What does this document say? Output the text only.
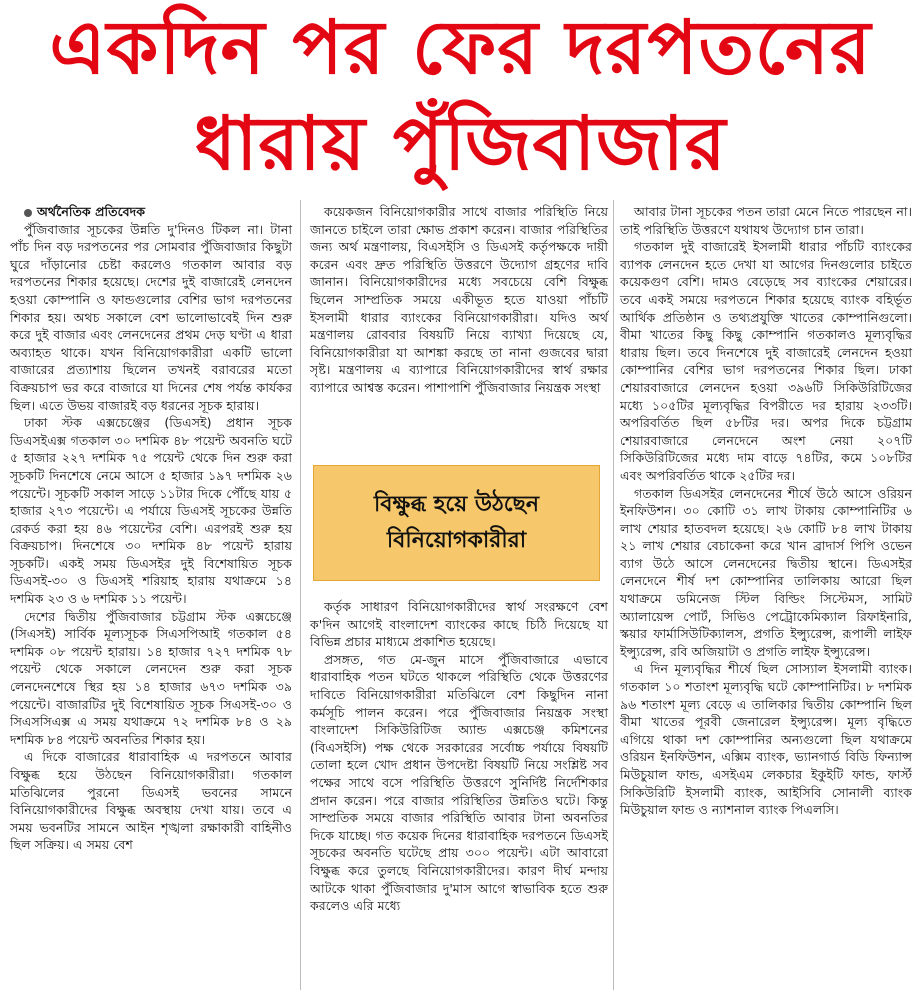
একদিন পর ফের দরপতনের
ধারায় পুঁজিবাজার

অর্থনৈতিক প্রতিবেদক

পুঁজিবাজার সূচকের উন্নতি দু'দিনও টিকল না। টানা পাঁচ দিন বড় দরপতনের পর সোমবার পুঁজিবাজার কিছুটা ঘুরে দাঁড়ানোর চেষ্টা করলেও গতকাল আবার বড় দরপতনের শিকার হয়েছে। দেশের দুই বাজারেই লেনদেন হওয়া কোম্পানি ও ফান্ডগুলোর বেশির ভাগ দরপতনের শিকার হয়। অথচ সকালে বেশ ভালোভাবেই দিন শুরু করে দুই বাজার এবং লেনদেনের প্রথম দেড় ঘণ্টা এ ধারা অব্যাহত থাকে। যখন বিনিয়োগকারীরা একটি ভালো বাজারের প্রত্যাশায় ছিলেন তখনই বরাবরের মতো বিক্রয়চাপ ভর করে বাজারে যা দিনের শেষ পর্যন্ত কার্যকর ছিল। এতে উভয় বাজারই বড় ধরনের সূচক হারায়।

ঢাকা স্টক এক্সচেঞ্জের (ডিএসই) প্রধান সূচক ডিএসইএক্স গতকাল ৩০ দশমিক ৪৮ পয়েন্ট অবনতি ঘটে ৫ হাজার ২২৭ দশমিক ৭৫ পয়েন্ট থেকে দিন শুরু করা সূচকটি দিনশেষে নেমে আসে ৫ হাজার ১৯৭ দশমিক ২৬ পয়েন্টে। সূচকটি সকাল সাড়ে ১১টার দিকে পৌঁছে যায় ৫ হাজার ২৭৩ পয়েন্টে। এ পর্যায়ে ডিএসই সূচকের উন্নতি রেকর্ড করা হয় ৪৬ পয়েন্টের বেশি। এরপরই শুরু হয় বিক্রয়চাপ। দিনশেষে ৩০ দশমিক ৪৮ পয়েন্ট হারায় সূচকটি। একই সময় ডিএসইর দুই বিশেষায়িত সূচক ডিএসই-৩০ ও ডিএসই শরিয়াহ হারায় যথাক্রমে ১৪ দশমিক ২৩ ও ৬ দশমিক ১১ পয়েন্ট।

দেশের দ্বিতীয় পুঁজিবাজার চট্টগ্রাম স্টক এক্সচেঞ্জে (সিএসই) সার্বিক মূল্যসূচক সিএসপিআই গতকাল ৫৪ দশমিক ০৮ পয়েন্ট হারায়। ১৪ হাজার ৭২৭ দশমিক ৭৮ পয়েন্ট থেকে সকালে লেনদেন শুরু করা সূচক লেনদেনশেষে স্থির হয় ১৪ হাজার ৬৭৩ দশমিক ৩৯ পয়েন্টে। বাজারটির দুই বিশেষায়িত সূচক সিএসই-৩০ ও সিএসসিএক্স এ সময় যথাক্রমে ৭২ দশমিক ৮৪ ও ২৯ দশমিক ৮৪ পয়েন্ট অবনতির শিকার হয়।

এ দিকে বাজারের ধারাবাহিক এ দরপতনে আবার বিক্ষুব্ধ হয়ে উঠছেন বিনিয়োগকারীরা। গতকাল মতিঝিলের পুরনো ডিএসই ভবনের সামনে বিনিয়োগকারীদের বিক্ষুব্ধ অবস্থায় দেখা যায়। তবে এ সময় ভবনটির সামনে আইন শৃঙ্খলা রক্ষাকারী বাহিনীও ছিল সক্রিয়। এ সময় বেশ

কয়েকজন বিনিয়োগকারীর সাথে বাজার পরিস্থিতি নিয়ে জানতে চাইলে তারা ক্ষোভ প্রকাশ করেন। বাজার পরিস্থিতির জন্য অর্থ মন্ত্রণালয়, বিএসইসি ও ডিএসই কর্তৃপক্ষকে দায়ী করেন এবং দ্রুত পরিস্থিতি উত্তরণে উদ্যোগ গ্রহণের দাবি জানান। বিনিয়োগকারীদের মধ্যে সবচেয়ে বেশি বিক্ষুব্ধ ছিলেন সাম্প্রতিক সময়ে একীভূত হতে যাওয়া পাঁচটি ইসলামী ধারার ব্যাংকের বিনিয়োগকারীরা। যদিও অর্থ মন্ত্রণালয় রোববার বিষয়টি নিয়ে ব্যাখ্যা দিয়েছে যে, বিনিয়োগকারীরা যা আশঙ্কা করছে তা নানা গুজবের দ্বারা সৃষ্ট। মন্ত্রণালয় এ ব্যাপারে বিনিয়োগকারীদের স্বার্থ রক্ষার ব্যাপারে আশ্বস্ত করেন। পাশাপাশি পুঁজিবাজার নিয়ন্ত্রক সংস্থা

কর্তৃক সাধারণ বিনিয়োগকারীদের স্বার্থ সংরক্ষণে বেশ ক'দিন আগেই বাংলাদেশ ব্যাংকের কাছে চিঠি দিয়েছে যা বিভিন্ন প্রচার মাধ্যমে প্রকাশিত হয়েছে।

প্রসঙ্গত, গত মে-জুন মাসে পুঁজিবাজারে এভাবে ধারাবাহিক পতন ঘটতে থাকলে পরিস্থিতি থেকে উত্তরণের দাবিতে বিনিয়োগকারীরা মতিঝিলে বেশ কিছুদিন নানা কর্মসূচি পালন করেন। পরে পুঁজিবাজার নিয়ন্ত্রক সংস্থা বাংলাদেশ সিকিউরিটিজ অ্যান্ড এক্সচেঞ্জ কমিশনের (বিএসইসি) পক্ষ থেকে সরকারের সর্বোচ্চ পর্যায়ে বিষয়টি তোলা হলে খোদ প্রধান উপদেষ্টা বিষয়টি নিয়ে সংশ্লিষ্ট সব পক্ষের সাথে বসে পরিস্থিতি উত্তরণে সুনির্দিষ্ট নির্দেশিকার প্রদান করেন। পরে বাজার পরিস্থিতির উন্নতিও ঘটে। কিন্তু সাম্প্রতিক সময়ে বাজার পরিস্থিতি আবার টানা অবনতির দিকে যাচ্ছে। গত কয়েক দিনের ধারাবাহিক দরপতনে ডিএসই সূচকের অবনতি ঘটেছে প্রায় ৩০০ পয়েন্ট। এটা আবারো বিক্ষুব্ধ করে তুলছে বিনিয়োগকারীদের। কারণ দীর্ঘ মন্দায় আটকে থাকা পুঁজিবাজার দু'মাস আগে স্বাভাবিক হতে শুরু করলেও এরি মধ্যে

বিক্ষুব্ধ হয়ে উঠছেন
বিনিয়োগকারীরা

আবার টানা সূচকের পতন তারা মেনে নিতে পারছেন না। তাই পরিস্থিতি উত্তরণে যথাযথ উদ্যোগ চান তারা।

গতকাল দুই বাজারেই ইসলামী ধারার পাঁচটি ব্যাংকের ব্যাপক লেনদেন হতে দেখা যা আগের দিনগুলোর চাইতে কয়েকগুণ বেশি। দামও বেড়েছে সব ব্যাংকের শেয়ারের। তবে একই সময়ে দরপতনে শিকার হয়েছে ব্যাংক বহির্ভূত আর্থিক প্রতিষ্ঠান ও তথ্যপ্রযুক্তি খাতের কোম্পানিগুলো। বীমা খাতের কিছু কিছু কোম্পানি গতকালও মূল্যবৃদ্ধির ধারায় ছিল। তবে দিনশেষে দুই বাজারেই লেনদেন হওয়া কোম্পানির বেশির ভাগ দরপতনের শিকার ছিল। ঢাকা শেয়ারবাজারে লেনদেন হওয়া ৩৯৬টি সিকিউরিটিজের মধ্যে ১০৫টির মূল্যবৃদ্ধির বিপরীতে দর হারায় ২৩৩টি। অপরিবর্তিত ছিল ৫৮টির দর। অপর দিকে চট্টগ্রাম শেয়ারবাজারে লেনদেনে অংশ নেয়া ২০৭টি সিকিউরিটিজের মধ্যে দাম বাড়ে ৭৪টির, কমে ১০৮টির এবং অপরিবর্তিত থাকে ২৫টির দর।

গতকাল ডিএসইর লেনদেনের শীর্ষে উঠে আসে ওরিয়ন ইনফিউশন। ৩০ কোটি ৩১ লাখ টাকায় কোম্পানিটির ৬ লাখ শেয়ার হাতবদল হয়েছে। ২৬ কোটি ৮৪ লাখ টাকায় ২১ লাখ শেয়ার বেচাকেনা করে খান ব্রাদার্স পিপি ওভেন ব্যাগ উঠে আসে লেনদেনের দ্বিতীয় স্থানে। ডিএসইর লেনদেনে শীর্ষ দশ কোম্পানির তালিকায় আরো ছিল যথাক্রমে ডমিনেজ স্টিল বিল্ডিং সিস্টেমস, সামিট অ্যালায়েন্স পোর্ট, সিভিও পেট্রোকেমিক্যাল রিফাইনারি, স্কয়ার ফার্মাসিউটিক্যালস, প্রগতি ইন্স্যুরেন্স, রূপালী লাইফ ইন্স্যুরেন্স, রবি অজিয়াটা ও প্রগতি লাইফ ইন্স্যুরেন্স।

এ দিন মূল্যবৃদ্ধির শীর্ষে ছিল সোস্যাল ইসলামী ব্যাংক। গতকাল ১০ শতাংশ মূল্যবৃদ্ধি ঘটে কোম্পানিটির। ৮ দশমিক ৯৬ শতাংশ মূল্য বেড়ে এ তালিকার দ্বিতীয় কোম্পানি ছিল বীমা খাতের পূরবী জেনারেল ইন্স্যুরেন্স। মূল্য বৃদ্ধিতে এগিয়ে থাকা দশ কোম্পানির অন্যগুলো ছিল যথাক্রমে ওরিয়ন ইনফিউশন, এক্সিম ব্যাংক, ভ্যানগার্ড বিডি ফিন্যান্স মিউচুয়াল ফান্ড, এসইএম লেকচার ইকুইটি ফান্ড, ফার্স্ট সিকিউরিটি ইসলামী ব্যাংক, আইসিবি সোনালী ব্যাংক মিউচুয়াল ফান্ড ও ন্যাশনাল ব্যাংক পিএলসি।
